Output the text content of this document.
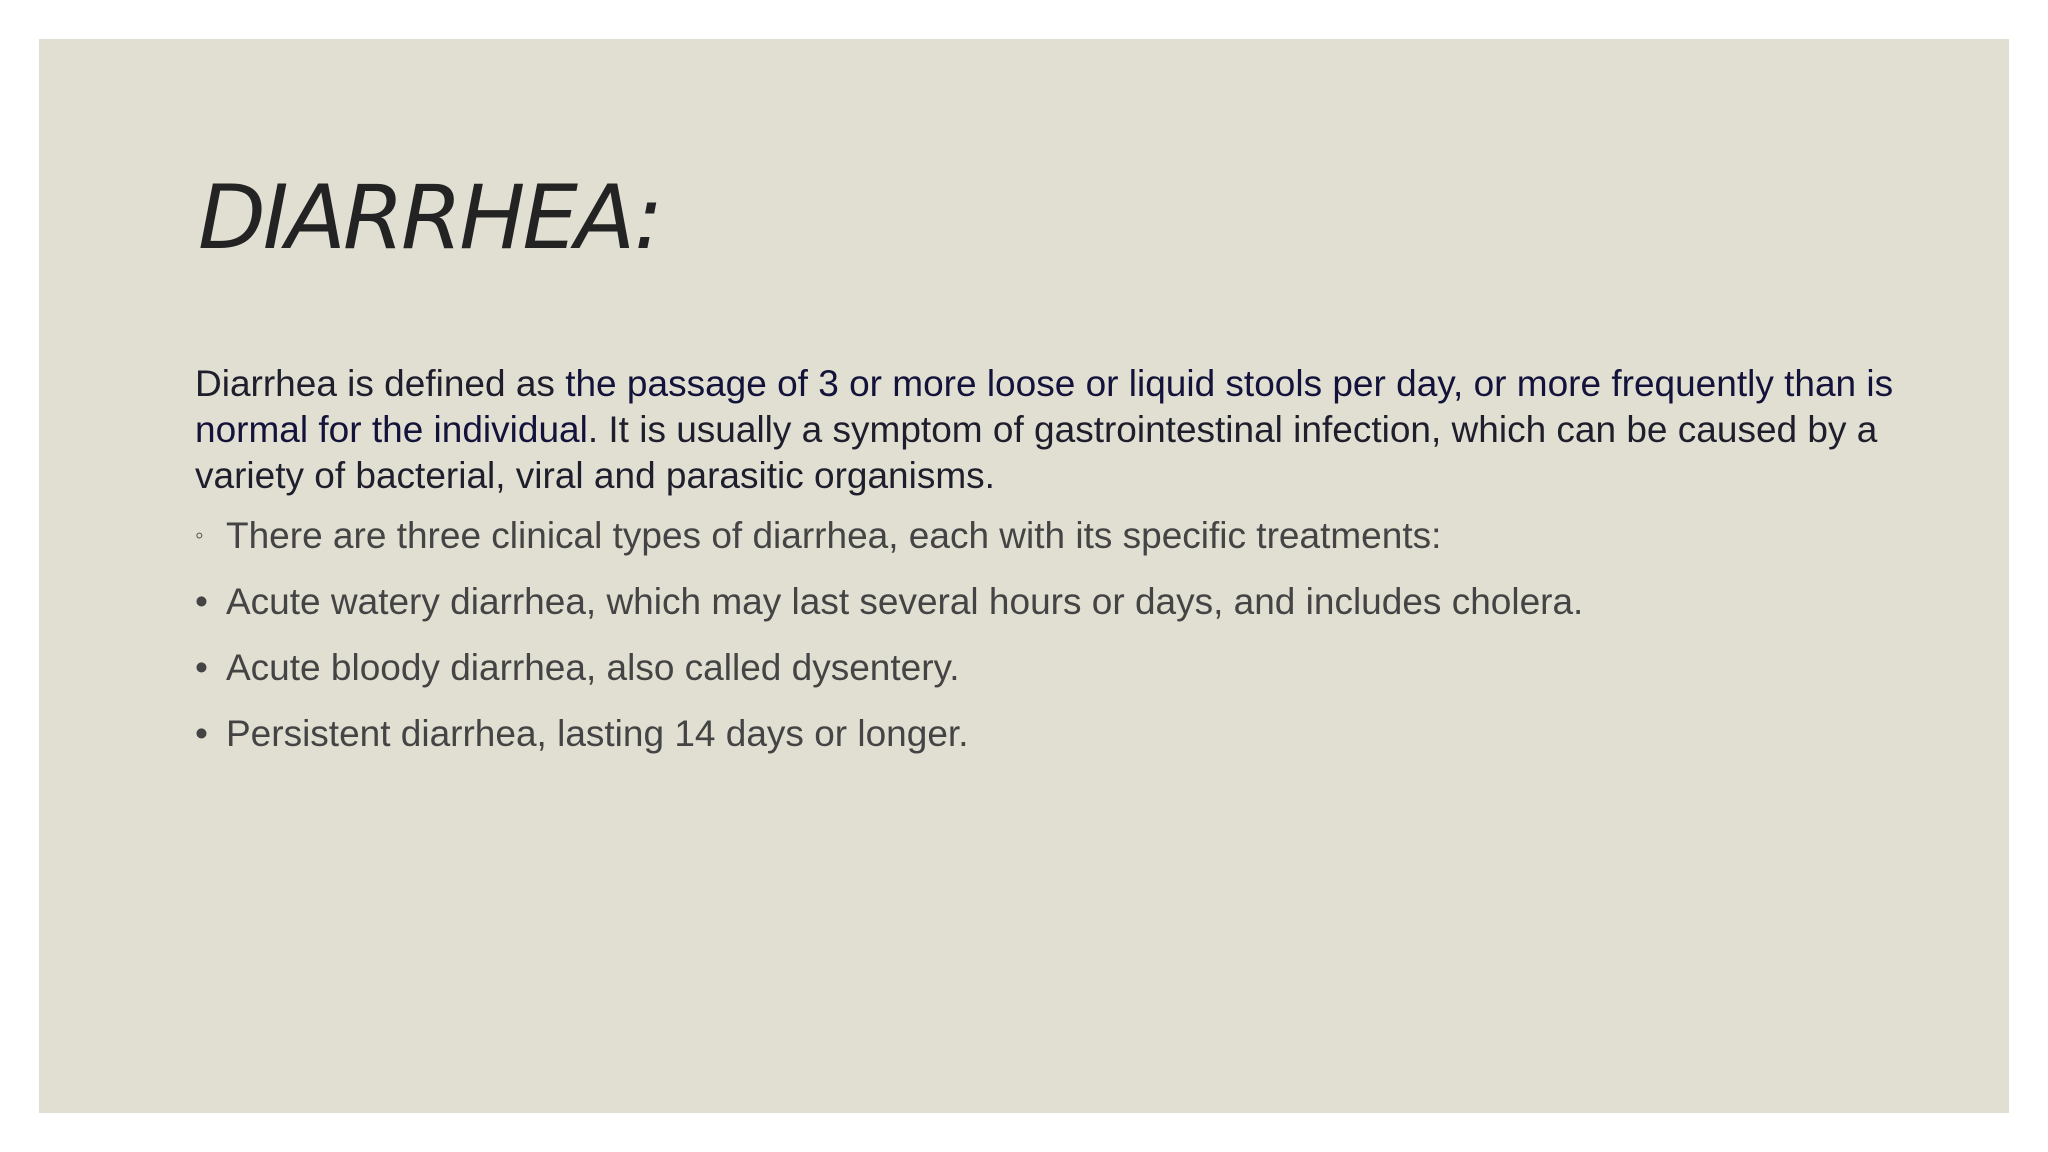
DIARRHEA:

Diarrhea is defined as the passage of 3 or more loose or liquid stools per day, or more frequently than is normal for the individual. It is usually a symptom of gastrointestinal infection, which can be caused by a variety of bacterial, viral and parasitic organisms.

◦ There are three clinical types of diarrhea, each with its specific treatments:
• Acute watery diarrhea, which may last several hours or days, and includes cholera.
• Acute bloody diarrhea, also called dysentery.
• Persistent diarrhea, lasting 14 days or longer.
